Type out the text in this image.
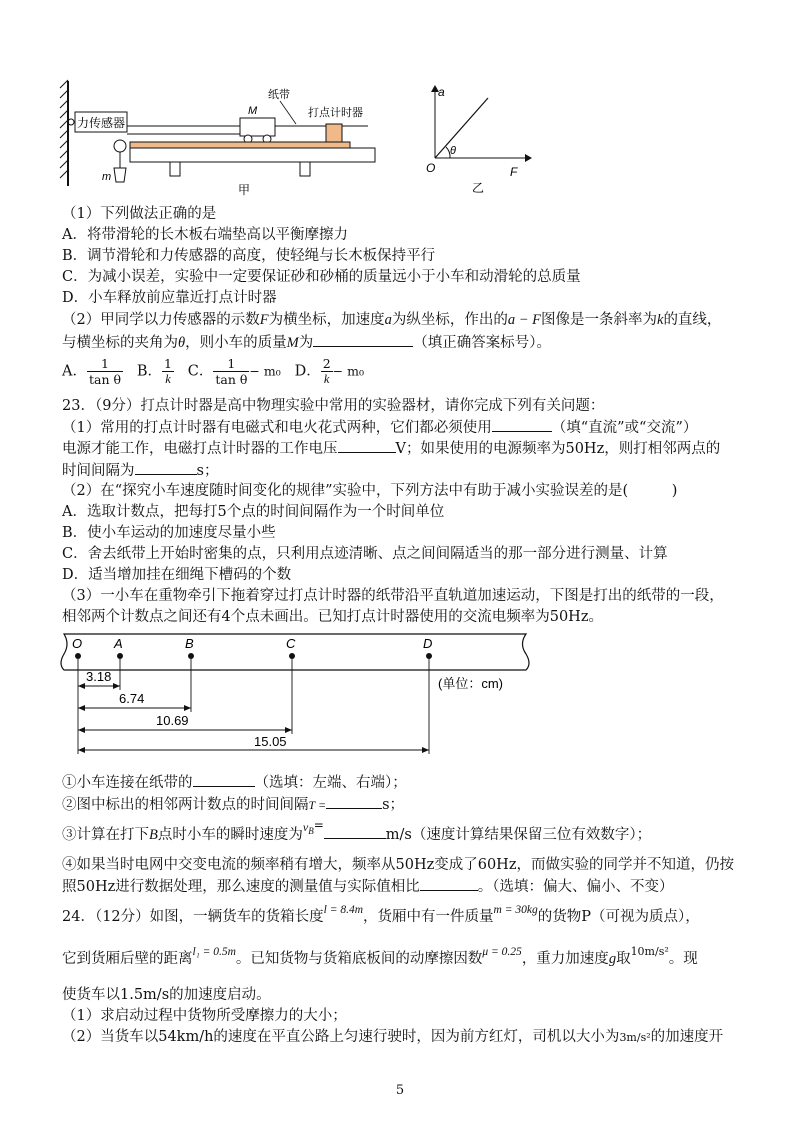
力传感器
m
M
纸带
打点计时器
甲
a
F
O
θ
乙
（1）下列做法正确的是
A．将带滑轮的长木板右端垫高以平衡摩擦力
B．调节滑轮和力传感器的高度，使轻绳与长木板保持平行
C．为减小误差，实验中一定要保证砂和砂桶的质量远小于小车和动滑轮的总质量
D．小车释放前应靠近打点计时器
（2）甲同学以力传感器的示数F为横坐标，加速度a为纵坐标，作出的a − F图像是一条斜率为k的直线，
与横坐标的夹角为θ，则小车的质量M为	（填正确答案标号）。
A． $\frac{1}{\text{tan θ}}$ B． $\frac{1}{k}$ C． $\frac{1}{\text{tan θ}} - m_0$ D． $\frac{2}{k} - m_0$
23．（9分）打点计时器是高中物理实验中常用的实验器材，请你完成下列有关问题：
（1）常用的打点计时器有电磁式和电火花式两种，它们都必须使用	（填“直流”或“交流”）
电源才能工作，电磁打点计时器的工作电压	V；如果使用的电源频率为50Hz，则打相邻两点的
时间间隔为	s；
（2）在“探究小车速度随时间变化的规律”实验中，下列方法中有助于减小实验误差的是(　　　)
A．选取计数点，把每打5个点的时间间隔作为一个时间单位
B．使小车运动的加速度尽量小些
C．舍去纸带上开始时密集的点，只利用点迹清晰、点之间间隔适当的那一部分进行测量、计算
D．适当增加挂在细绳下槽码的个数
（3）一小车在重物牵引下拖着穿过打点计时器的纸带沿平直轨道加速运动，下图是打出的纸带的一段，
相邻两个计数点之间还有4个点未画出。已知打点计时器使用的交流电频率为50Hz。
O A	B	C	D
3.18
6.74
10.69
15.05
(单位：cm)
①小车连接在纸带的	（选填：左端、右端）；
②图中标出的相邻两计数点的时间间隔T =	s；
③计算在打下B点时小车的瞬时速度为$^{vB=}$m/s（速度计算结果保留三位有效数字）；
④如果当时电网中交变电流的频率稍有增大，频率从50Hz变成了60Hz，而做实验的同学并不知道，仍按
照50Hz进行数据处理，那么速度的测量值与实际值相比	。（选填：偏大、偏小、不变）
24．（12分）如图，一辆货车的货箱长度$^{l = 8.4m}$，货厢中有一件质量$^{m = 30kg}$的货物P（可视为质点），
它到货厢后壁的距离$^{l_1 = 0.5m}$。已知货物与货箱底板间的动摩擦因数$^{\mu = 0.25}$，重力加速度g取$^{10m/s^2}$。现
使货车以1.5m/s的加速度启动。
（1）求启动过程中货物所受摩擦力的大小；
（2）当货车以54km/h的速度在平直公路上匀速行驶时，因为前方红灯，司机以大小为3m/s²的加速度开
5
